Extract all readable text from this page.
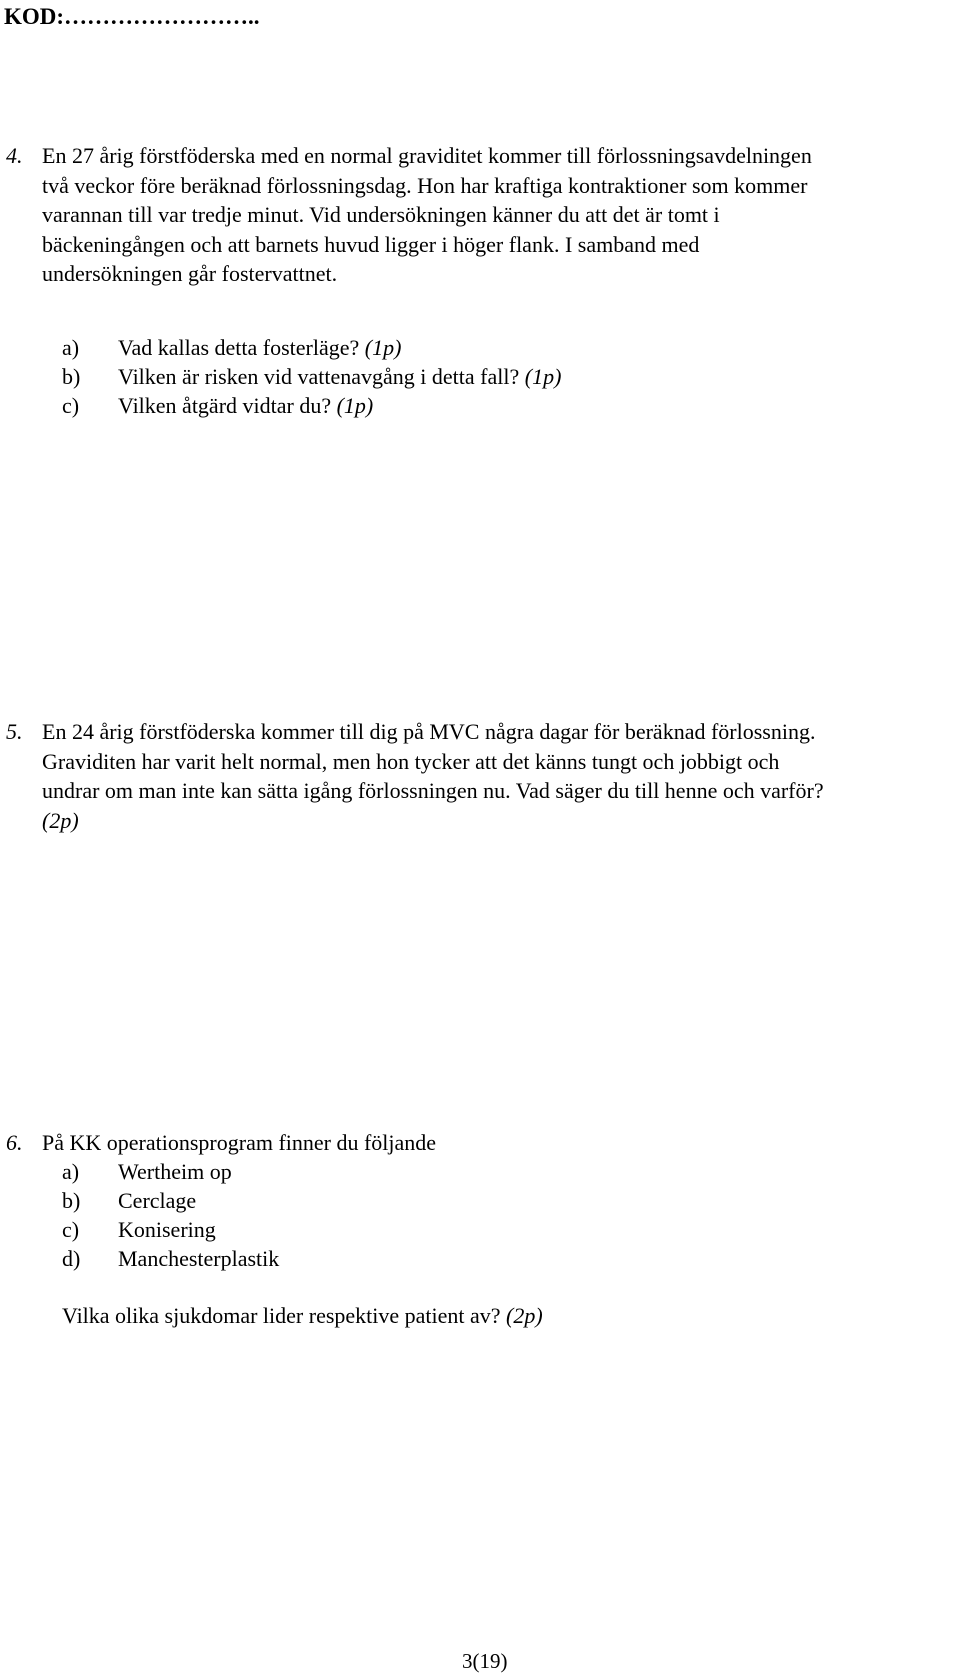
KOD:……………………..
4. En 27 årig förstföderska med en normal graviditet kommer till förlossningsavdelningen
två veckor före beräknad förlossningsdag. Hon har kraftiga kontraktioner som kommer
varannan till var tredje minut. Vid undersökningen känner du att det är tomt i
bäckeningången och att barnets huvud ligger i höger flank. I samband med
undersökningen går fostervattnet.
a) Vad kallas detta fosterläge? (1p)
b) Vilken är risken vid vattenavgång i detta fall? (1p)
c) Vilken åtgärd vidtar du? (1p)
5. En 24 årig förstföderska kommer till dig på MVC några dagar för beräknad förlossning.
Graviditen har varit helt normal, men hon tycker att det känns tungt och jobbigt och
undrar om man inte kan sätta igång förlossningen nu. Vad säger du till henne och varför?
(2p)
6. På KK operationsprogram finner du följande
a) Wertheim op
b) Cerclage
c) Konisering
d) Manchesterplastik
Vilka olika sjukdomar lider respektive patient av? (2p)
3(19)
